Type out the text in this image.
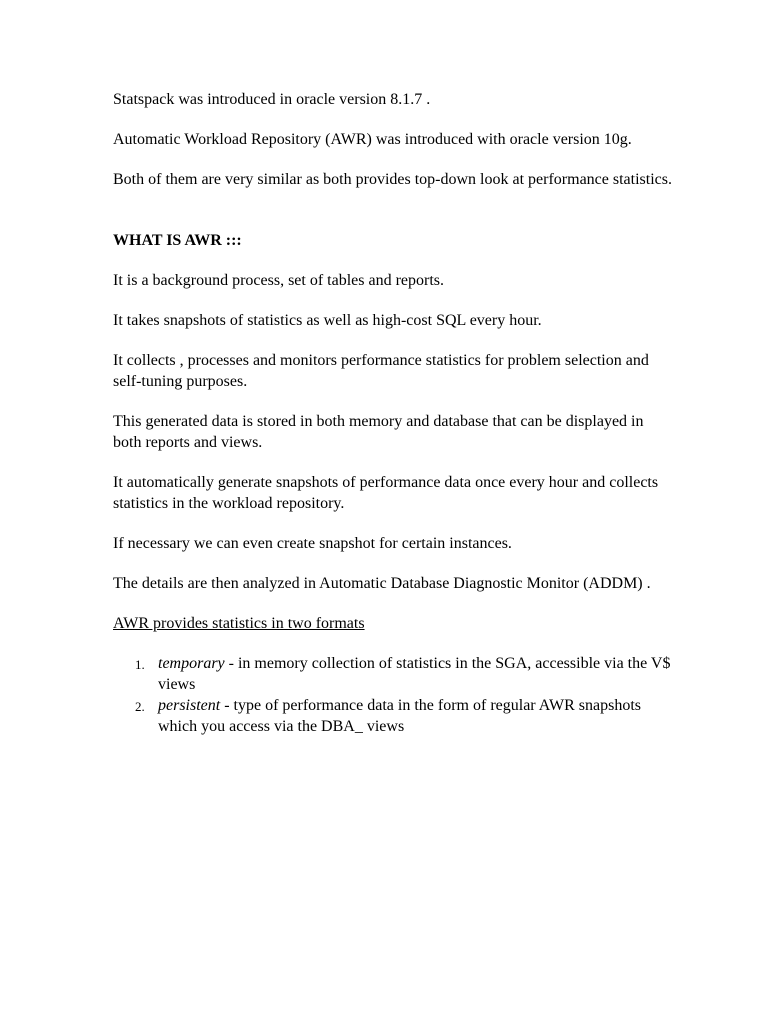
Statspack was introduced in oracle version 8.1.7 .

Automatic Workload Repository (AWR) was introduced with oracle version 10g.

Both of them are very similar as both provides top-down look at performance statistics.

WHAT IS AWR :::

It is a background process, set of tables and reports.

It takes snapshots of statistics as well as high-cost SQL every hour.

It collects , processes and monitors performance statistics for problem selection and self-tuning purposes.

This generated data is stored in both memory and database that can be displayed in both reports and views.

It automatically generate snapshots of performance data once every hour and collects statistics in the workload repository.

If necessary we can even create snapshot for certain instances.

The details are then analyzed in Automatic Database Diagnostic Monitor (ADDM) .

AWR provides statistics in two formats

1. temporary - in memory collection of statistics in the SGA, accessible via the V$ views
2. persistent - type of performance data in the form of regular AWR snapshots which you access via the DBA_ views
